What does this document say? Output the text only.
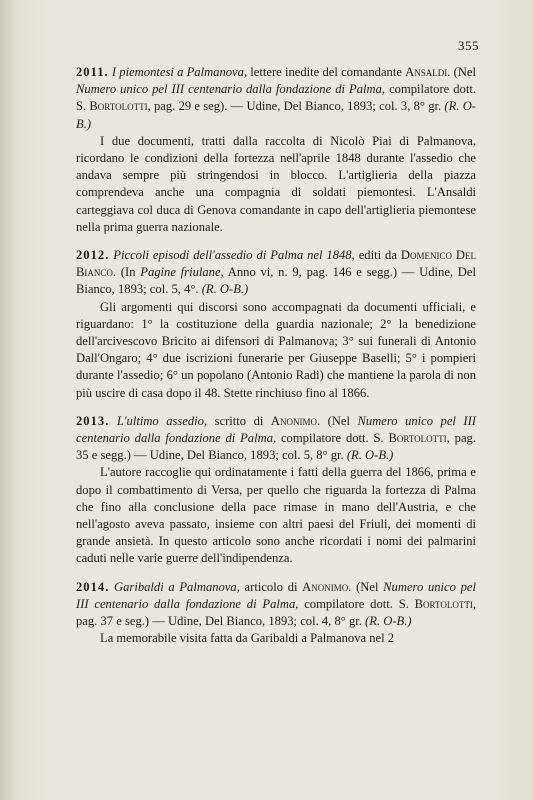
355

2011. I piemontesi a Palmanova, lettere inedite del comandante Ansaldi. (Nel Numero unico pel III centenario dalla fondazione di Palma, compilatore dott. S. Bortolotti, pag. 29 e seg). — Udine, Del Bianco, 1893; col. 3, 8° gr. (R. O-B.)

I due documenti, tratti dalla raccolta di Nicolò Piai di Palmanova, ricordano le condizioni della fortezza nell'aprile 1848 durante l'assedio che andava sempre più stringendosi in blocco. L'artiglieria della piazza comprendeva anche una compagnia di soldati piemontesi. L'Ansaldi carteggiava col duca di Genova comandante in capo dell'artiglieria piemontese nella prima guerra nazionale.

2012. Piccoli episodi dell'assedio di Palma nel 1848, editi da Domenico Del Bianco. (In Pagine friulane, Anno vi, n. 9, pag. 146 e segg.) — Udine, Del Bianco, 1893; col. 5, 4°. (R. O-B.)

Gli argomenti qui discorsi sono accompagnati da documenti ufficiali, e riguardano: 1° la costituzione della guardia nazionale; 2° la benedizione dell'arcivescovo Bricito ai difensori di Palmanova; 3° sui funerali di Antonio Dall'Ongaro; 4° due iscrizioni funerarie per Giuseppe Baselli; 5° i pompieri durante l'assedio; 6° un popolano (Antonio Radi) che mantiene la parola di non più uscire di casa dopo il 48. Stette rinchiuso fino al 1866.

2013. L'ultimo assedio, scritto di Anonimo. (Nel Numero unico pel III centenario dalla fondazione di Palma, compilatore dott. S. Bortolotti, pag. 35 e segg.) — Udine, Del Bianco, 1893; col. 5, 8° gr. (R. O-B.)

L'autore raccoglie qui ordinatamente i fatti della guerra del 1866, prima e dopo il combattimento di Versa, per quello che riguarda la fortezza di Palma che fino alla conclusione della pace rimase in mano dell'Austria, e che nell'agosto aveva passato, insieme con altri paesi del Friuli, dei momenti di grande ansietà. In questo articolo sono anche ricordati i nomi dei palmarini caduti nelle varie guerre dell'indipendenza.

2014. Garibaldi a Palmanova, articolo di Anonimo. (Nel Numero unico pel III centenario dalla fondazione di Palma, compilatore dott. S. Bortolotti, pag. 37 e seg.) — Udine, Del Bianco, 1893; col. 4, 8° gr. (R. O-B.)

La memorabile visita fatta da Garibaldi a Palmanova nel 2
